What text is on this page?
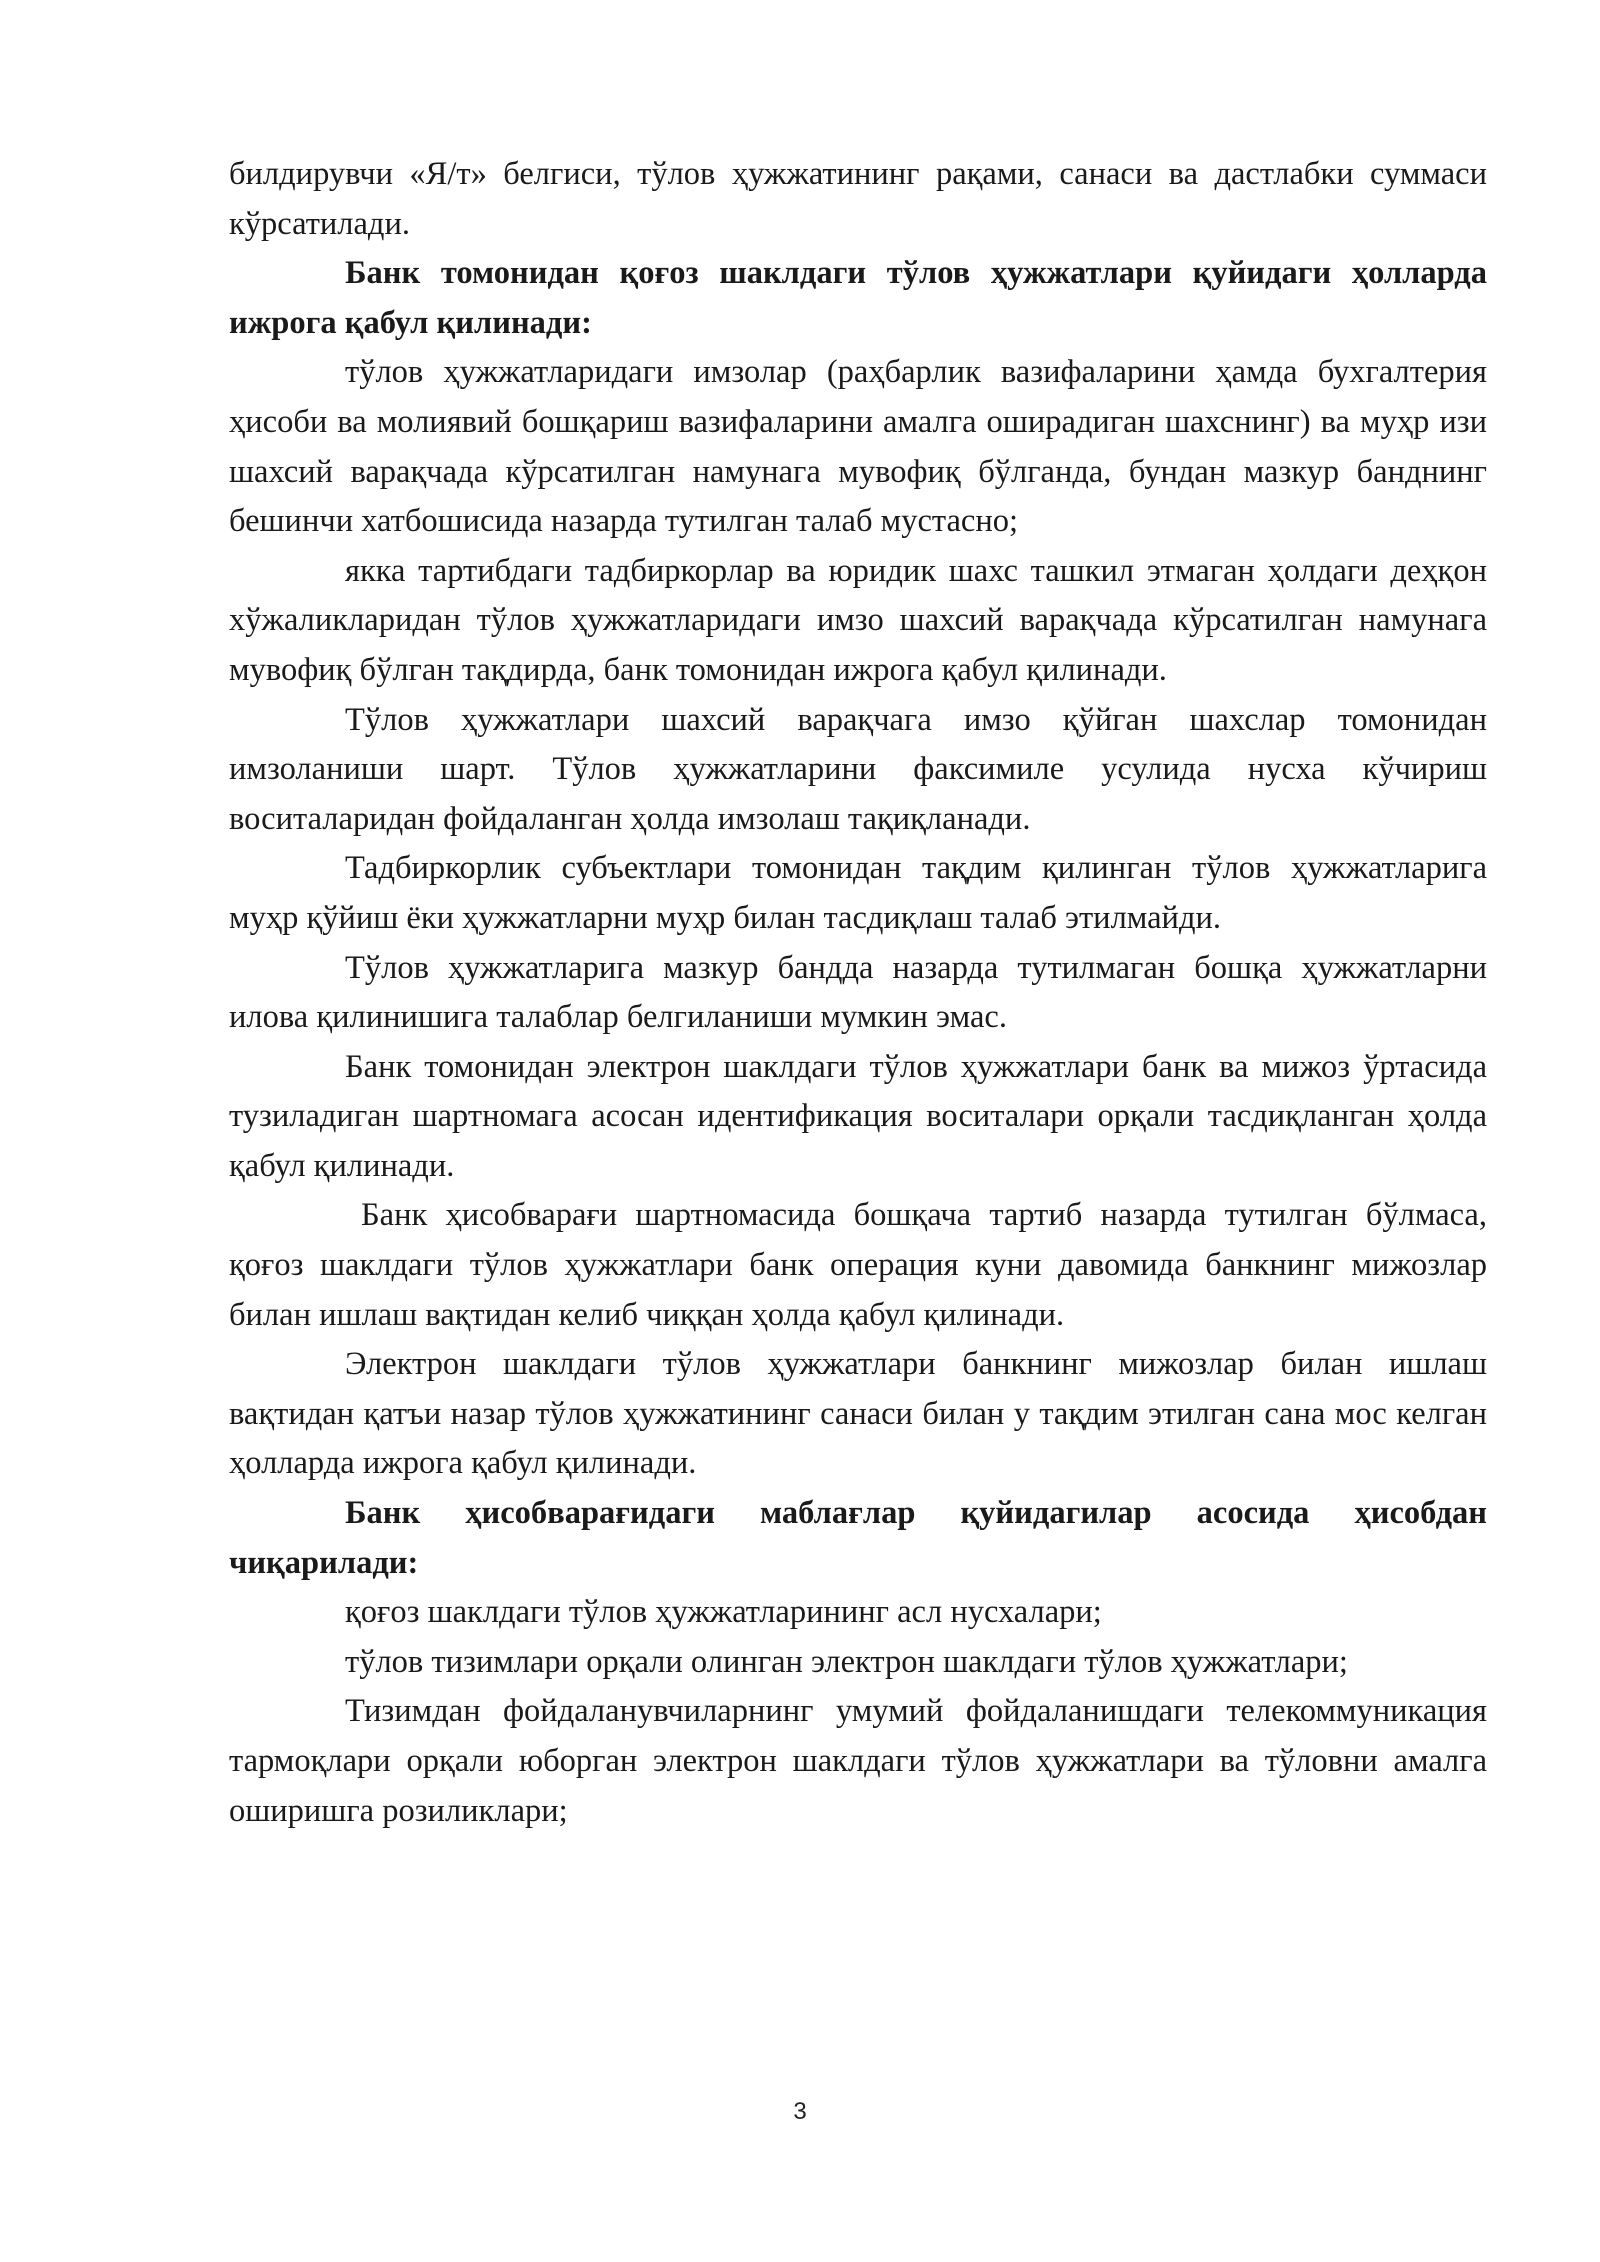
билдирувчи «Я/т» белгиси, тўлов ҳужжатининг рақами, санаси ва дастлабки суммаси кўрсатилади.

Банк томонидан қоғоз шаклдаги тўлов ҳужжатлари қуйидаги ҳолларда ижрога қабул қилинади:

тўлов ҳужжатларидаги имзолар (раҳбарлик вазифаларини ҳамда бухгалтерия ҳисоби ва молиявий бошқариш вазифаларини амалга оширадиган шахснинг) ва муҳр изи шахсий варақчада кўрсатилган намунага мувофиқ бўлганда, бундан мазкур банднинг бешинчи хатбошисида назарда тутилган талаб мустасно;

якка тартибдаги тадбиркорлар ва юридик шахс ташкил этмаган ҳолдаги деҳқон хўжаликларидан тўлов ҳужжатларидаги имзо шахсий варақчада кўрсатилган намунага мувофиқ бўлган тақдирда, банк томонидан ижрога қабул қилинади.

Тўлов ҳужжатлари шахсий варақчага имзо қўйган шахслар томонидан имзоланиши шарт. Тўлов ҳужжатларини факсимиле усулида нусха кўчириш воситаларидан фойдаланган ҳолда имзолаш тақиқланади.

Тадбиркорлик субъектлари томонидан тақдим қилинган тўлов ҳужжатларига муҳр қўйиш ёки ҳужжатларни муҳр билан тасдиқлаш талаб этилмайди.

Тўлов ҳужжатларига мазкур бандда назарда тутилмаган бошқа ҳужжатларни илова қилинишига талаблар белгиланиши мумкин эмас.

Банк томонидан электрон шаклдаги тўлов ҳужжатлари банк ва мижоз ўртасида тузиладиган шартномага асосан идентификация воситалари орқали тасдиқланган ҳолда қабул қилинади.

Банк ҳисобварағи шартномасида бошқача тартиб назарда тутилган бўлмаса, қоғоз шаклдаги тўлов ҳужжатлари банк операция куни давомида банкнинг мижозлар билан ишлаш вақтидан келиб чиққан ҳолда қабул қилинади.

Электрон шаклдаги тўлов ҳужжатлари банкнинг мижозлар билан ишлаш вақтидан қатъи назар тўлов ҳужжатининг санаси билан у тақдим этилган сана мос келган ҳолларда ижрога қабул қилинади.

Банк ҳисобварағидаги маблағлар қуйидагилар асосида ҳисобдан чиқарилади:

қоғоз шаклдаги тўлов ҳужжатларининг асл нусхалари;

тўлов тизимлари орқали олинган электрон шаклдаги тўлов ҳужжатлари;

Тизимдан фойдаланувчиларнинг умумий фойдаланишдаги телекоммуникация тармоқлари орқали юборган электрон шаклдаги тўлов ҳужжатлари ва тўловни амалга оширишга розиликлари;

3
